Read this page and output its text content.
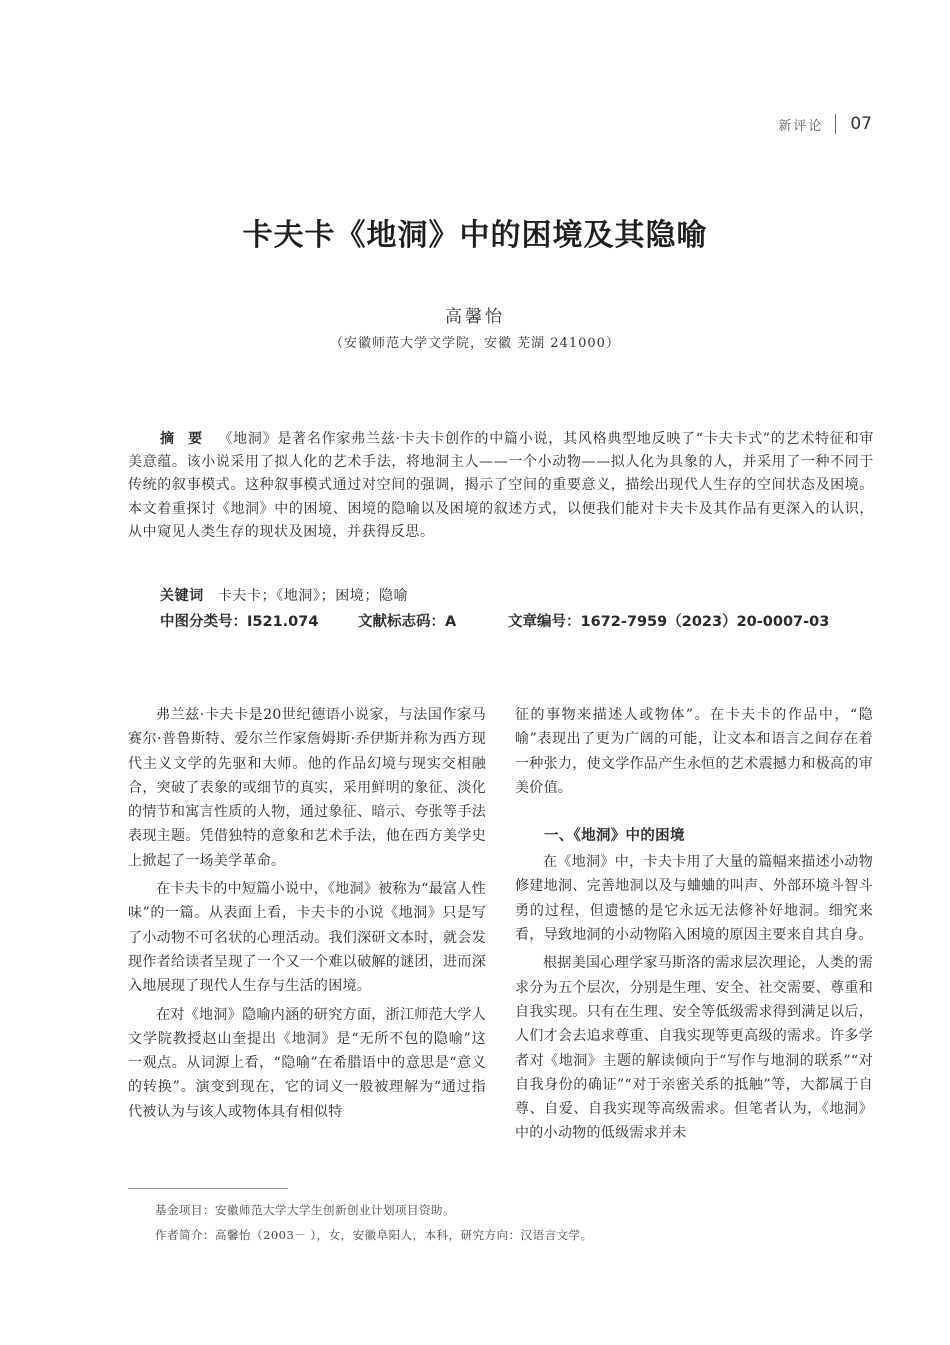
新评论 07
卡夫卡《地洞》中的困境及其隐喻
高馨怡
（安徽师范大学文学院，安徽 芜湖 241000）
摘要 《地洞》是著名作家弗兰兹·卡夫卡创作的中篇小说，其风格典型地反映了“卡夫卡式”的艺术特征和审美意蕴。该小说采用了拟人化的艺术手法，将地洞主人——一个小动物——拟人化为具象的人，并采用了一种不同于传统的叙事模式。这种叙事模式通过对空间的强调，揭示了空间的重要意义，描绘出现代人生存的空间状态及困境。本文着重探讨《地洞》中的困境、困境的隐喻以及困境的叙述方式，以便我们能对卡夫卡及其作品有更深入的认识，从中窥见人类生存的现状及困境，并获得反思。
关键词 卡夫卡；《地洞》；困境；隐喻
中图分类号：I521.074	文献标志码：A	文章编号：1672-7959（2023）20-0007-03

弗兰兹·卡夫卡是20世纪德语小说家，与法国作家马赛尔·普鲁斯特、爱尔兰作家詹姆斯·乔伊斯并称为西方现代主义文学的先驱和大师。他的作品幻境与现实交相融合，突破了表象的或细节的真实，采用鲜明的象征、淡化的情节和寓言性质的人物，通过象征、暗示、夸张等手法表现主题。凭借独特的意象和艺术手法，他在西方美学史上掀起了一场美学革命。

在卡夫卡的中短篇小说中，《地洞》被称为“最富人性味”的一篇。从表面上看，卡夫卡的小说《地洞》只是写了小动物不可名状的心理活动。我们深研文本时，就会发现作者给读者呈现了一个又一个难以破解的谜团，进而深入地展现了现代人生存与生活的困境。

在对《地洞》隐喻内涵的研究方面，浙江师范大学人文学院教授赵山奎提出《地洞》是“无所不包的隐喻”这一观点。从词源上看，“隐喻”在希腊语中的意思是“意义的转换”。演变到现在，它的词义一般被理解为“通过指代被认为与该人或物体具有相似特

征的事物来描述人或物体”。在卡夫卡的作品中，“隐喻”表现出了更为广阔的可能，让文本和语言之间存在着一种张力，使文学作品产生永恒的艺术震撼力和极高的审美价值。

一、《地洞》中的困境

在《地洞》中，卡夫卡用了大量的篇幅来描述小动物修建地洞、完善地洞以及与蛐蛐的叫声、外部环境斗智斗勇的过程，但遗憾的是它永远无法修补好地洞。细究来看，导致地洞的小动物陷入困境的原因主要来自其自身。

根据美国心理学家马斯洛的需求层次理论，人类的需求分为五个层次，分别是生理、安全、社交需要、尊重和自我实现。只有在生理、安全等低级需求得到满足以后，人们才会去追求尊重、自我实现等更高级的需求。许多学者对《地洞》主题的解读倾向于“写作与地洞的联系”“对自我身份的确证”“对于亲密关系的抵触”等，大都属于自尊、自爱、自我实现等高级需求。但笔者认为，《地洞》中的小动物的低级需求并未

基金项目：安徽师范大学大学生创新创业计划项目资助。
作者简介：高馨怡（2003－ ），女，安徽阜阳人，本科，研究方向：汉语言文学。
